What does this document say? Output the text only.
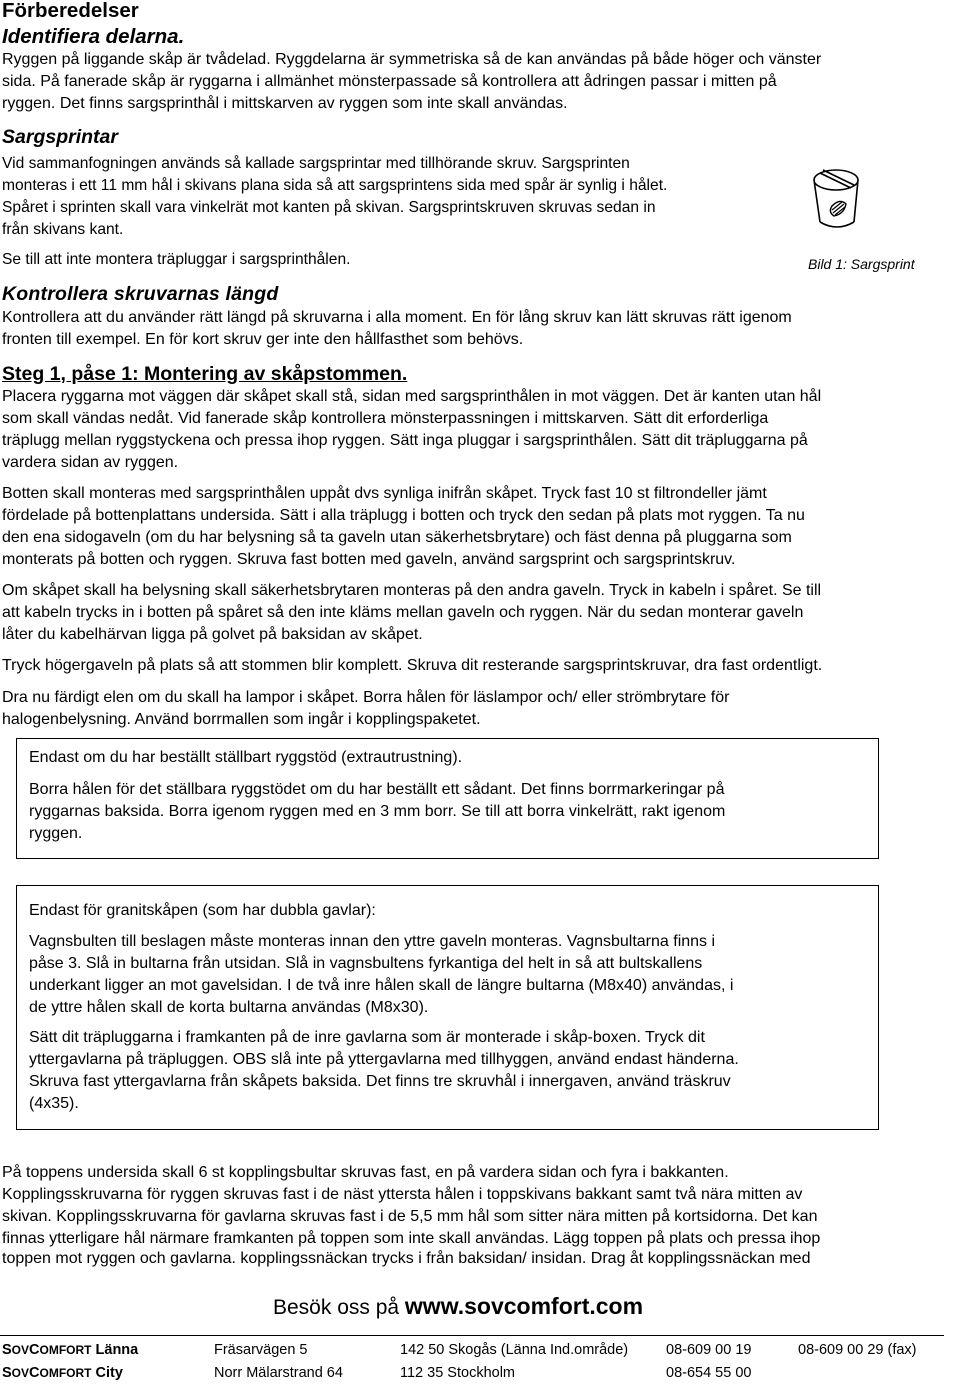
Förberedelser
Identifiera delarna.
Ryggen på liggande skåp är tvådelad. Ryggdelarna är symmetriska så de kan användas på både höger och vänster
sida. På fanerade skåp är ryggarna i allmänhet mönsterpassade så kontrollera att ådringen passar i mitten på
ryggen. Det finns sargsprinthål i mittskarven av ryggen som inte skall användas.
Sargsprintar
Vid sammanfogningen används så kallade sargsprintar med tillhörande skruv. Sargsprinten
monteras i ett 11 mm hål i skivans plana sida så att sargsprintens sida med spår är synlig i hålet.
Spåret i sprinten skall vara vinkelrät mot kanten på skivan. Sargsprintskruven skruvas sedan in
från skivans kant.
Se till att inte montera träpluggar i sargsprinthålen.	Bild 1: Sargsprint
Kontrollera skruvarnas längd
Kontrollera att du använder rätt längd på skruvarna i alla moment. En för lång skruv kan lätt skruvas rätt igenom
fronten till exempel. En för kort skruv ger inte den hållfasthet som behövs.
Steg 1, påse 1: Montering av skåpstommen.
Placera ryggarna mot väggen där skåpet skall stå, sidan med sargsprinthålen in mot väggen. Det är kanten utan hål
som skall vändas nedåt. Vid fanerade skåp kontrollera mönsterpassningen i mittskarven. Sätt dit erforderliga
träplugg mellan ryggstyckena och pressa ihop ryggen. Sätt inga pluggar i sargsprinthålen. Sätt dit träpluggarna på
vardera sidan av ryggen.
Botten skall monteras med sargsprinthålen uppåt dvs synliga inifrån skåpet. Tryck fast 10 st filtrondeller jämt
fördelade på bottenplattans undersida. Sätt i alla träplugg i botten och tryck den sedan på plats mot ryggen. Ta nu
den ena sidogaveln (om du har belysning så ta gaveln utan säkerhetsbrytare) och fäst denna på pluggarna som
monterats på botten och ryggen. Skruva fast botten med gaveln, använd sargsprint och sargsprintskruv.
Om skåpet skall ha belysning skall säkerhetsbrytaren monteras på den andra gaveln. Tryck in kabeln i spåret. Se till
att kabeln trycks in i botten på spåret så den inte kläms mellan gaveln och ryggen. När du sedan monterar gaveln
låter du kabelhärvan ligga på golvet på baksidan av skåpet.
Tryck högergaveln på plats så att stommen blir komplett. Skruva dit resterande sargsprintskruvar, dra fast ordentligt.
Dra nu färdigt elen om du skall ha lampor i skåpet. Borra hålen för läslampor och/ eller strömbrytare för
halogenbelysning. Använd borrmallen som ingår i kopplingspaketet.
Endast om du har beställt ställbart ryggstöd (extrautrustning).
Borra hålen för det ställbara ryggstödet om du har beställt ett sådant. Det finns borrmarkeringar på
ryggarnas baksida. Borra igenom ryggen med en 3 mm borr. Se till att borra vinkelrätt, rakt igenom
ryggen.
Endast för granitskåpen (som har dubbla gavlar):
Vagnsbulten till beslagen måste monteras innan den yttre gaveln monteras. Vagnsbultarna finns i
påse 3. Slå in bultarna från utsidan. Slå in vagnsbultens fyrkantiga del helt in så att bultskallens
underkant ligger an mot gavelsidan. I de två inre hålen skall de längre bultarna (M8x40) användas, i
de yttre hålen skall de korta bultarna användas (M8x30).
Sätt dit träpluggarna i framkanten på de inre gavlarna som är monterade i skåp-boxen. Tryck dit
yttergavlarna på träpluggen. OBS slå inte på yttergavlarna med tillhyggen, använd endast händerna.
Skruva fast yttergavlarna från skåpets baksida. Det finns tre skruvhål i innergaven, använd träskruv
(4x35).
På toppens undersida skall 6 st kopplingsbultar skruvas fast, en på vardera sidan och fyra i bakkanten.
Kopplingsskruvarna för ryggen skruvas fast i de näst yttersta hålen i toppskivans bakkant samt två nära mitten av
skivan. Kopplingsskruvarna för gavlarna skruvas fast i de 5,5 mm hål som sitter nära mitten på kortsidorna. Det kan
finnas ytterligare hål närmare framkanten på toppen som inte skall användas. Lägg toppen på plats och pressa ihop
toppen mot ryggen och gavlarna. kopplingssnäckan trycks i från baksidan/ insidan. Drag åt kopplingssnäckan med
Besök oss på www.sovcomfort.com
SOVCOMFORT Länna	Fräsarvägen 5	142 50 Skogås (Länna Ind.område)	08-609 00 19	08-609 00 29 (fax)
SOVCOMFORT City	Norr Mälarstrand 64	112 35 Stockholm	08-654 55 00
